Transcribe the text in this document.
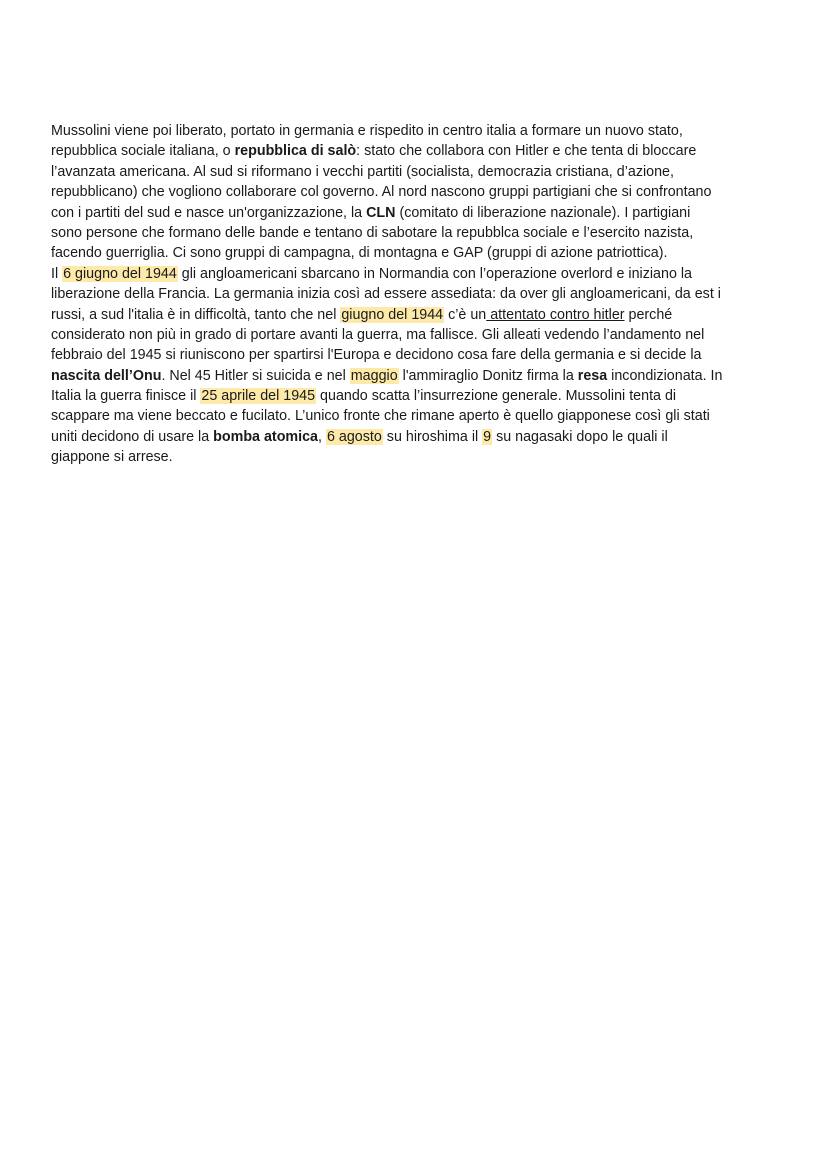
Mussolini viene poi liberato, portato in germania e rispedito in centro italia a formare un nuovo stato,
repubblica sociale italiana, o repubblica di salò: stato che collabora con Hitler e che tenta di bloccare
l’avanzata americana. Al sud si riformano i vecchi partiti (socialista, democrazia cristiana, d’azione,
repubblicano) che vogliono collaborare col governo. Al nord nascono gruppi partigiani che si confrontano
con i partiti del sud e nasce un'organizzazione, la CLN (comitato di liberazione nazionale). I partigiani
sono persone che formano delle bande e tentano di sabotare la repubblca sociale e l’esercito nazista,
facendo guerriglia. Ci sono gruppi di campagna, di montagna e GAP (gruppi di azione patriottica).
Il 6 giugno del 1944 gli angloamericani sbarcano in Normandia con l’operazione overlord e iniziano la
liberazione della Francia. La germania inizia così ad essere assediata: da over gli angloamericani, da est i
russi, a sud l'italia è in difficoltà, tanto che nel giugno del 1944 c’è un attentato contro hitler perché
considerato non più in grado di portare avanti la guerra, ma fallisce. Gli alleati vedendo l’andamento nel
febbraio del 1945 si riuniscono per spartirsi l'Europa e decidono cosa fare della germania e si decide la
nascita dell’Onu. Nel 45 Hitler si suicida e nel maggio l'ammiraglio Donitz firma la resa incondizionata. In
Italia la guerra finisce il 25 aprile del 1945 quando scatta l’insurrezione generale. Mussolini tenta di
scappare ma viene beccato e fucilato. L’unico fronte che rimane aperto è quello giapponese così gli stati
uniti decidono di usare la bomba atomica, 6 agosto su hiroshima il 9 su nagasaki dopo le quali il
giappone si arrese.
